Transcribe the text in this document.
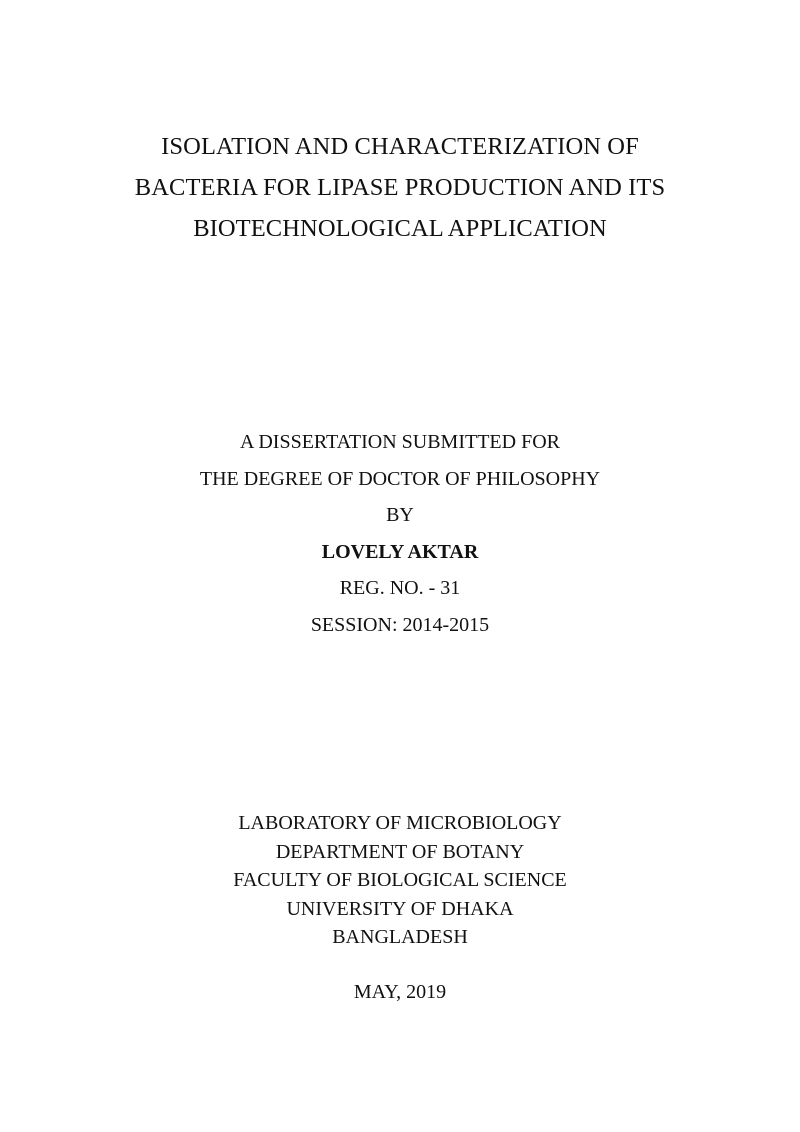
ISOLATION AND CHARACTERIZATION OF
BACTERIA FOR LIPASE PRODUCTION AND ITS
BIOTECHNOLOGICAL APPLICATION
A DISSERTATION SUBMITTED FOR
THE DEGREE OF DOCTOR OF PHILOSOPHY
BY
LOVELY AKTAR
REG. NO. - 31
SESSION: 2014-2015
LABORATORY OF MICROBIOLOGY
DEPARTMENT OF BOTANY
FACULTY OF BIOLOGICAL SCIENCE
UNIVERSITY OF DHAKA
BANGLADESH
MAY, 2019
